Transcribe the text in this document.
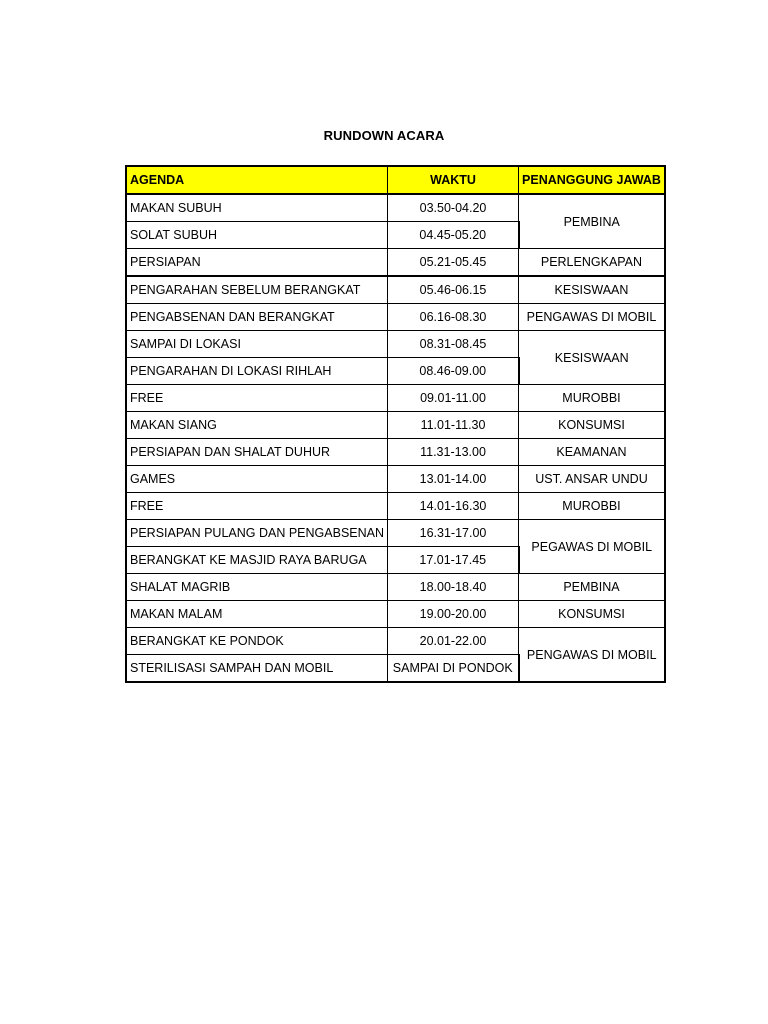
RUNDOWN ACARA
AGENDA	WAKTU	PENANGGUNG JAWAB
MAKAN SUBUH	03.50-04.20	PEMBINA
SOLAT SUBUH	04.45-05.20	
PERSIAPAN	05.21-05.45	PERLENGKAPAN
PENGARAHAN SEBELUM BERANGKAT	05.46-06.15	KESISWAAN
PENGABSENAN DAN BERANGKAT	06.16-08.30	PENGAWAS DI MOBIL
SAMPAI DI LOKASI	08.31-08.45	KESISWAAN
PENGARAHAN DI LOKASI RIHLAH	08.46-09.00	
FREE	09.01-11.00	MUROBBI
MAKAN SIANG	11.01-11.30	KONSUMSI
PERSIAPAN DAN SHALAT DUHUR	11.31-13.00	KEAMANAN
GAMES	13.01-14.00	UST. ANSAR UNDU
FREE	14.01-16.30	MUROBBI
PERSIAPAN PULANG DAN PENGABSENAN	16.31-17.00	PEGAWAS DI MOBIL
BERANGKAT KE MASJID RAYA BARUGA	17.01-17.45	
SHALAT MAGRIB	18.00-18.40	PEMBINA
MAKAN MALAM	19.00-20.00	KONSUMSI
BERANGKAT KE PONDOK	20.01-22.00	PENGAWAS DI MOBIL
STERILISASI SAMPAH DAN MOBIL	SAMPAI DI PONDOK	
